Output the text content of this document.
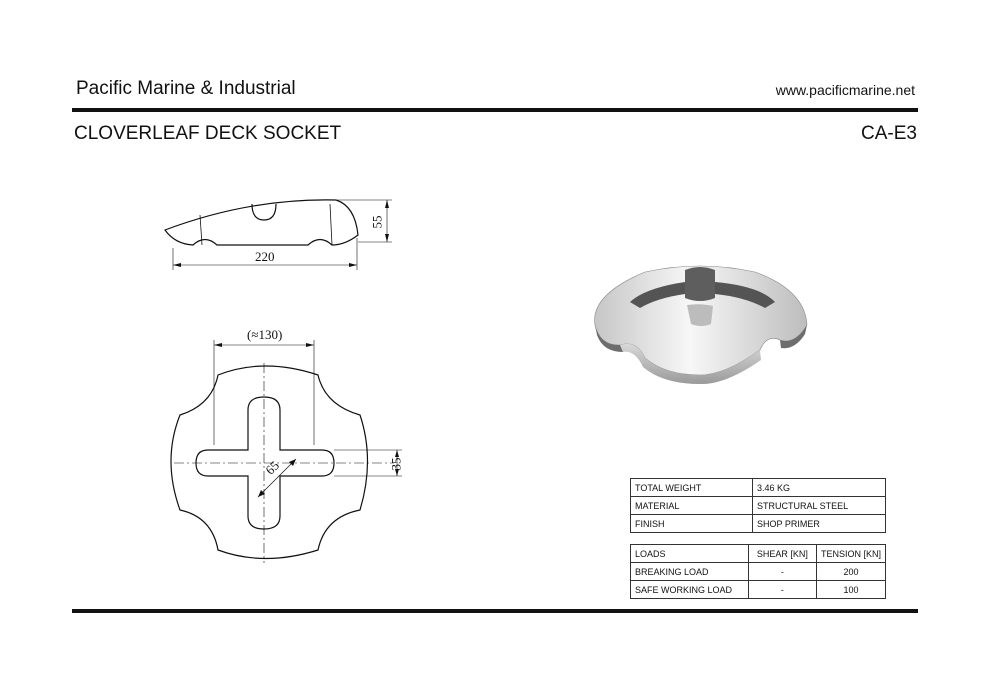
Pacific Marine & Industrial	www.pacificmarine.net
CLOVERLEAF DECK SOCKET	CA-E3
220
55
(≈130)
35
65
TOTAL WEIGHT	3.46 KG
MATERIAL	STRUCTURAL STEEL
FINISH	SHOP PRIMER
LOADS	SHEAR [KN]	TENSION [KN]
BREAKING LOAD	-	200
SAFE WORKING LOAD	-	100
